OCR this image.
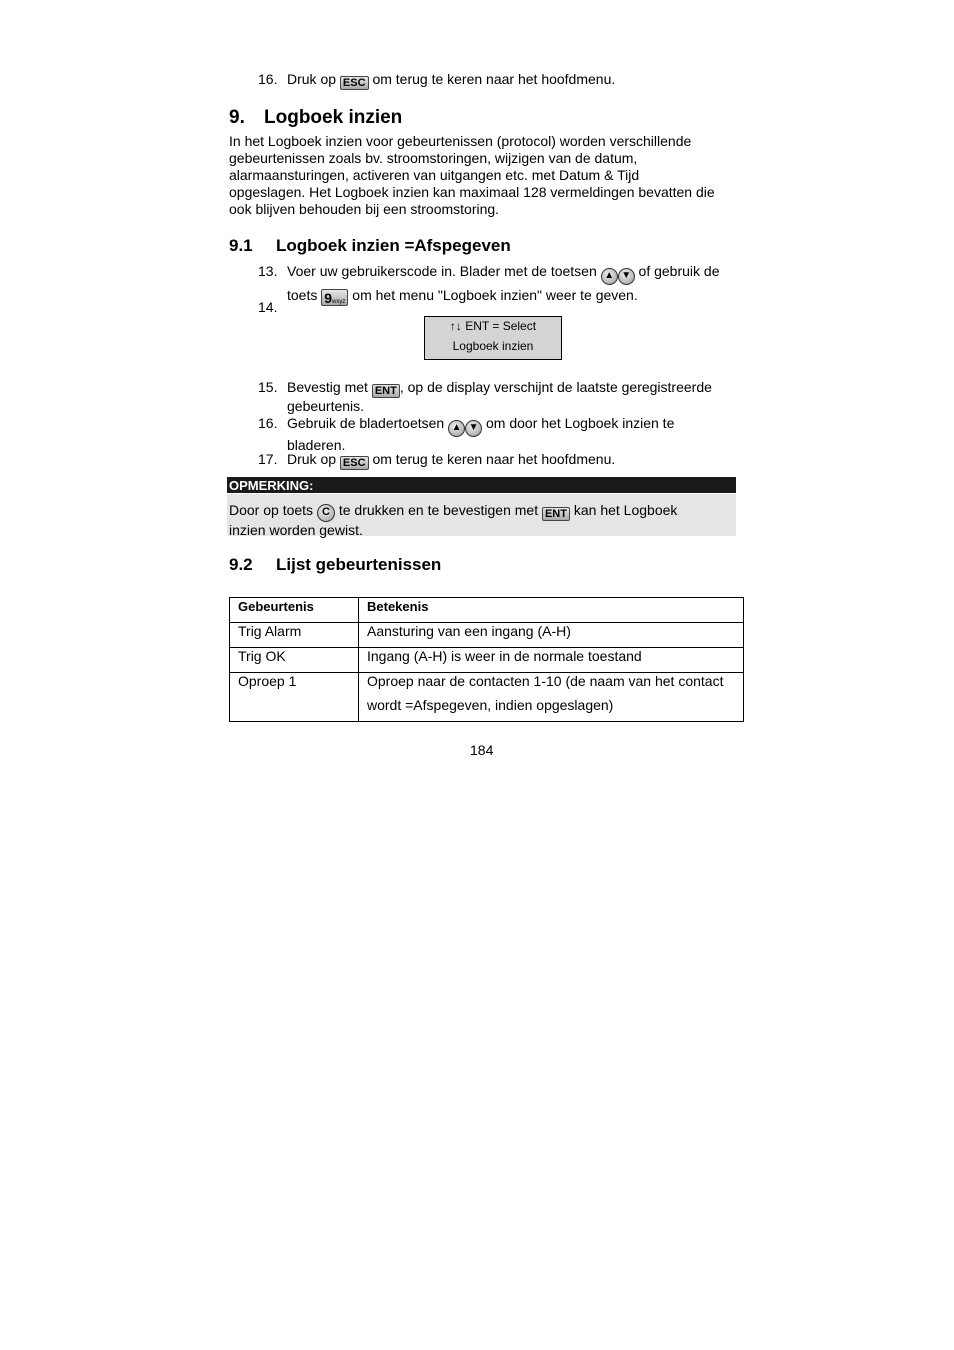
16. Druk op ESC om terug te keren naar het hoofdmenu.
9. Logboek inzien
In het Logboek inzien voor gebeurtenissen (protocol) worden verschillende
gebeurtenissen zoals bv. stroomstoringen, wijzigen van de datum,
alarmaansturingen, activeren van uitgangen etc. met Datum & Tijd
opgeslagen. Het Logboek inzien kan maximaal 128 vermeldingen bevatten die
ook blijven behouden bij een stroomstoring.
9.1 Logboek inzien =Afspegeven
13. Voer uw gebruikerscode in. Blader met de toetsen ▲ ▼ of gebruik de
toets 9wxyz om het menu "Logboek inzien" weer te geven.
14.
↑↓ ENT = Select
Logboek inzien
15. Bevestig met ENT , op de display verschijnt de laatste geregistreerde
gebeurtenis.
16. Gebruik de bladertoetsen ▲ ▼ om door het Logboek inzien te
bladeren.
17. Druk op ESC om terug te keren naar het hoofdmenu.
OPMERKING:
Door op toets C te drukken en te bevestigen met ENT kan het Logboek
inzien worden gewist.
9.2 Lijst gebeurtenissen
Gebeurtenis	Betekenis
Trig Alarm	Aansturing van een ingang (A-H)
Trig OK	Ingang (A-H) is weer in de normale toestand
Oproep 1	Oproep naar de contacten 1-10 (de naam van het contact
wordt =Afspegeven, indien opgeslagen)
184
